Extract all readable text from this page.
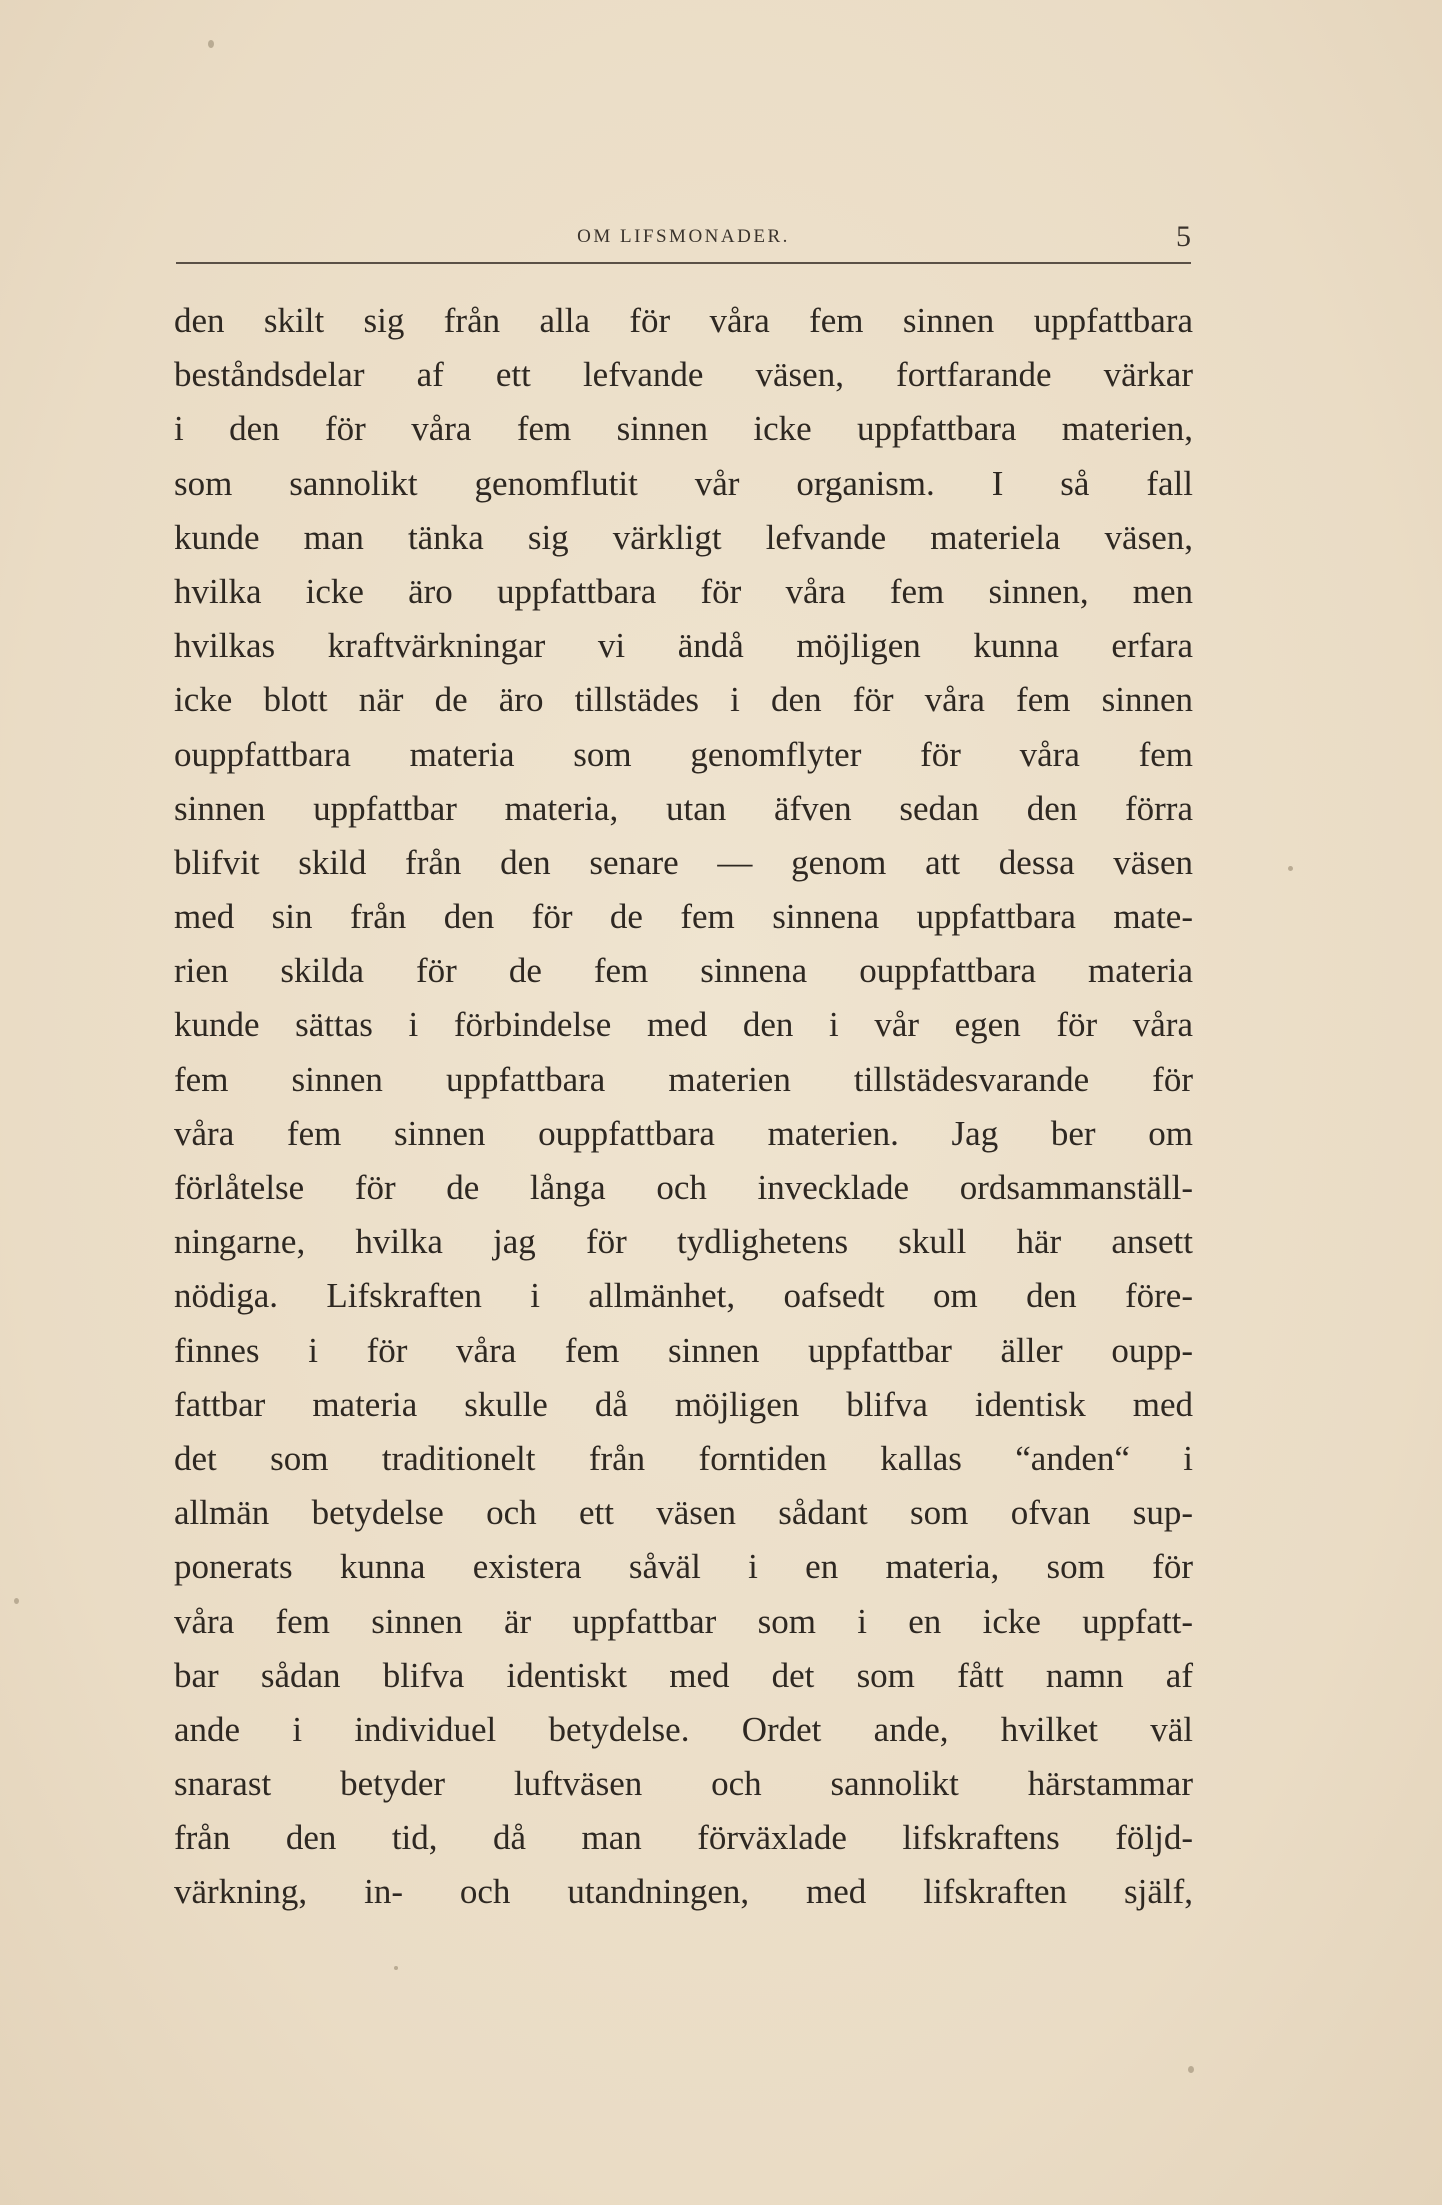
OM LIFSMONADER.	5
den skilt sig från alla för våra fem sinnen uppfattbara
beståndsdelar af ett lefvande väsen, fortfarande värkar
i den för våra fem sinnen icke uppfattbara materien,
som sannolikt genomflutit vår organism. I så fall
kunde man tänka sig värkligt lefvande materiela väsen,
hvilka icke äro uppfattbara för våra fem sinnen, men
hvilkas kraftvärkningar vi ändå möjligen kunna erfara
icke blott när de äro tillstädes i den för våra fem sinnen
ouppfattbara materia som genomflyter för våra fem
sinnen uppfattbar materia, utan äfven sedan den förra
blifvit skild från den senare — genom att dessa väsen
med sin från den för de fem sinnena uppfattbara mate-
rien skilda för de fem sinnena ouppfattbara materia
kunde sättas i förbindelse med den i vår egen för våra
fem sinnen uppfattbara materien tillstädesvarande för
våra fem sinnen ouppfattbara materien. Jag ber om
förlåtelse för de långa och invecklade ordsammanställ-
ningarne, hvilka jag för tydlighetens skull här ansett
nödiga. Lifskraften i allmänhet, oafsedt om den före-
finnes i för våra fem sinnen uppfattbar äller oupp-
fattbar materia skulle då möjligen blifva identisk med
det som traditionelt från forntiden kallas “anden“ i
allmän betydelse och ett väsen sådant som ofvan sup-
ponerats kunna existera såväl i en materia, som för
våra fem sinnen är uppfattbar som i en icke uppfatt-
bar sådan blifva identiskt med det som fått namn af
ande i individuel betydelse. Ordet ande, hvilket väl
snarast betyder luftväsen och sannolikt härstammar
från den tid, då man förväxlade lifskraftens följd-
värkning, in- och utandningen, med lifskraften själf,
